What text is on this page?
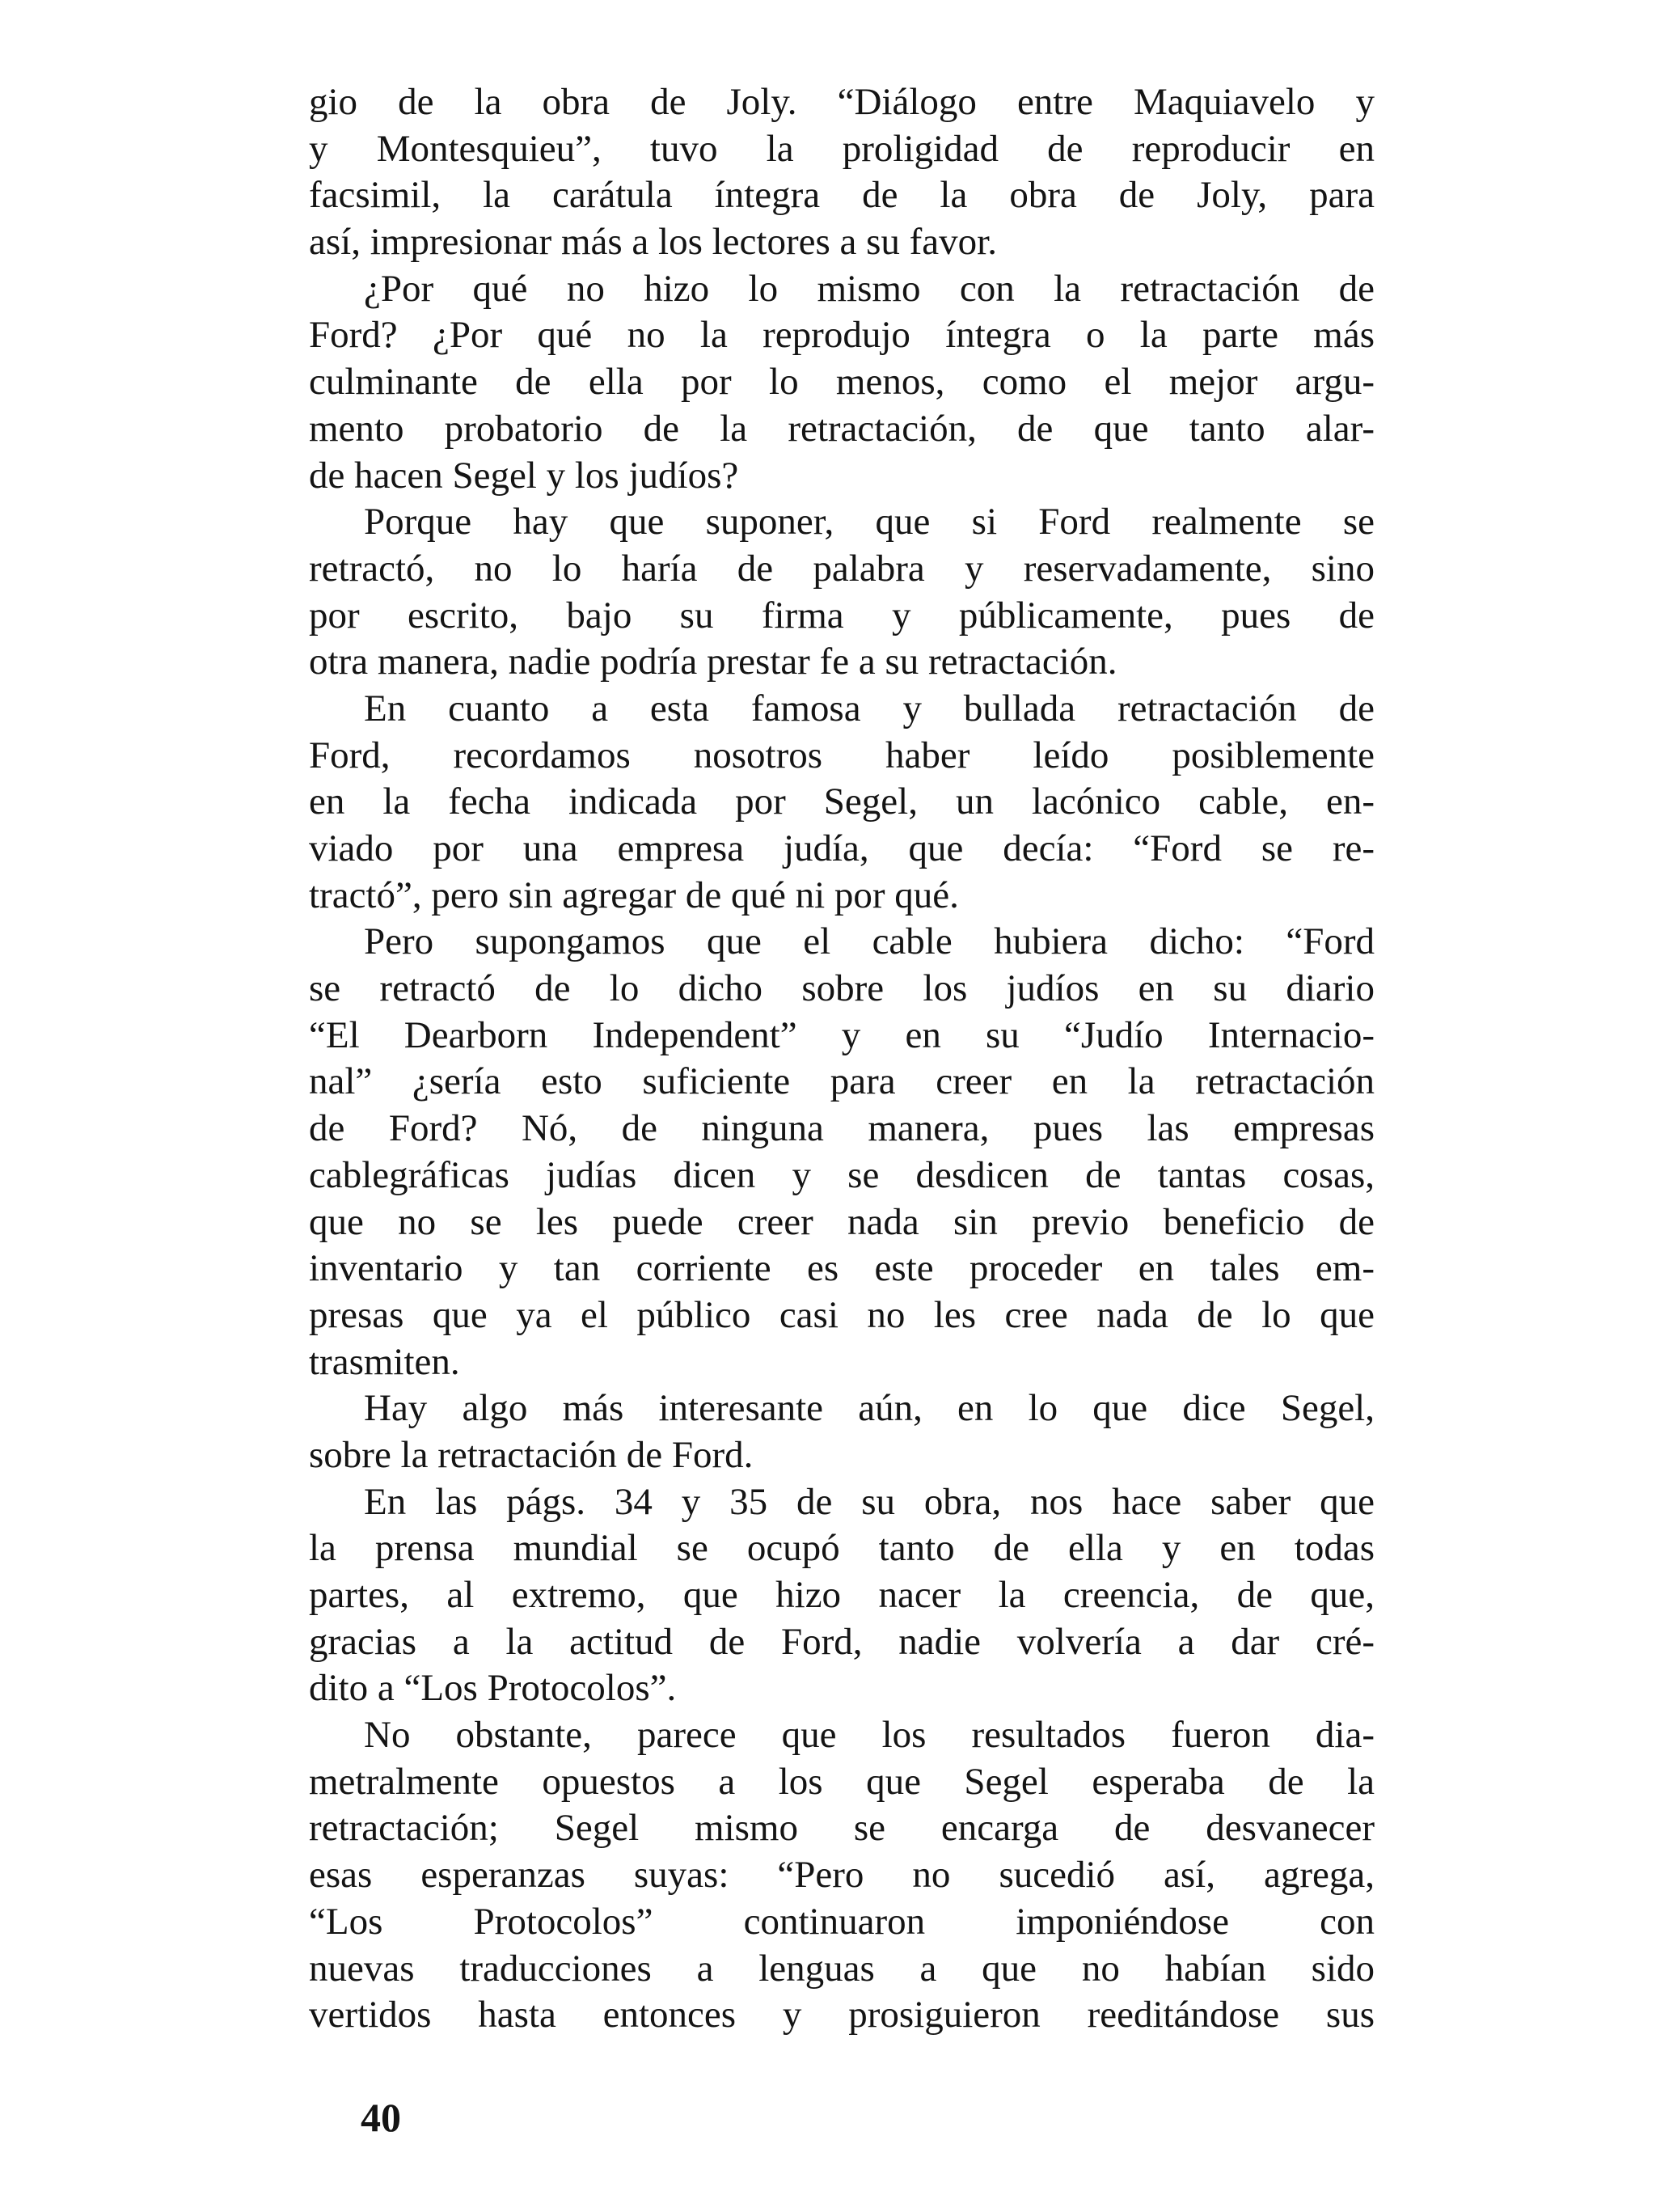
gio de la obra de Joly. “Diálogo entre Maquiavelo y
y Montesquieu”, tuvo la proligidad de reproducir en
facsimil, la carátula íntegra de la obra de Joly, para
así, impresionar más a los lectores a su favor.
¿Por qué no hizo lo mismo con la retractación de
Ford? ¿Por qué no la reprodujo íntegra o la parte más
culminante de ella por lo menos, como el mejor argu-
mento probatorio de la retractación, de que tanto alar-
de hacen Segel y los judíos?
Porque hay que suponer, que si Ford realmente se
retractó, no lo haría de palabra y reservadamente, sino
por escrito, bajo su firma y públicamente, pues de
otra manera, nadie podría prestar fe a su retractación.
En cuanto a esta famosa y bullada retractación de
Ford, recordamos nosotros haber leído posiblemente
en la fecha indicada por Segel, un lacónico cable, en-
viado por una empresa judía, que decía: “Ford se re-
tractó”, pero sin agregar de qué ni por qué.
Pero supongamos que el cable hubiera dicho: “Ford
se retractó de lo dicho sobre los judíos en su diario
“El Dearborn Independent” y en su “Judío Internacio-
nal” ¿sería esto suficiente para creer en la retractación
de Ford? Nó, de ninguna manera, pues las empresas
cablegráficas judías dicen y se desdicen de tantas cosas,
que no se les puede creer nada sin previo beneficio de
inventario y tan corriente es este proceder en tales em-
presas que ya el público casi no les cree nada de lo que
trasmiten.
Hay algo más interesante aún, en lo que dice Segel,
sobre la retractación de Ford.
En las págs. 34 y 35 de su obra, nos hace saber que
la prensa mundial se ocupó tanto de ella y en todas
partes, al extremo, que hizo nacer la creencia, de que,
gracias a la actitud de Ford, nadie volvería a dar cré-
dito a “Los Protocolos”.
No obstante, parece que los resultados fueron dia-
metralmente opuestos a los que Segel esperaba de la
retractación; Segel mismo se encarga de desvanecer
esas esperanzas suyas: “Pero no sucedió así, agrega,
“Los Protocolos” continuaron imponiéndose con
nuevas traducciones a lenguas a que no habían sido
vertidos hasta entonces y prosiguieron reeditándose sus
40
